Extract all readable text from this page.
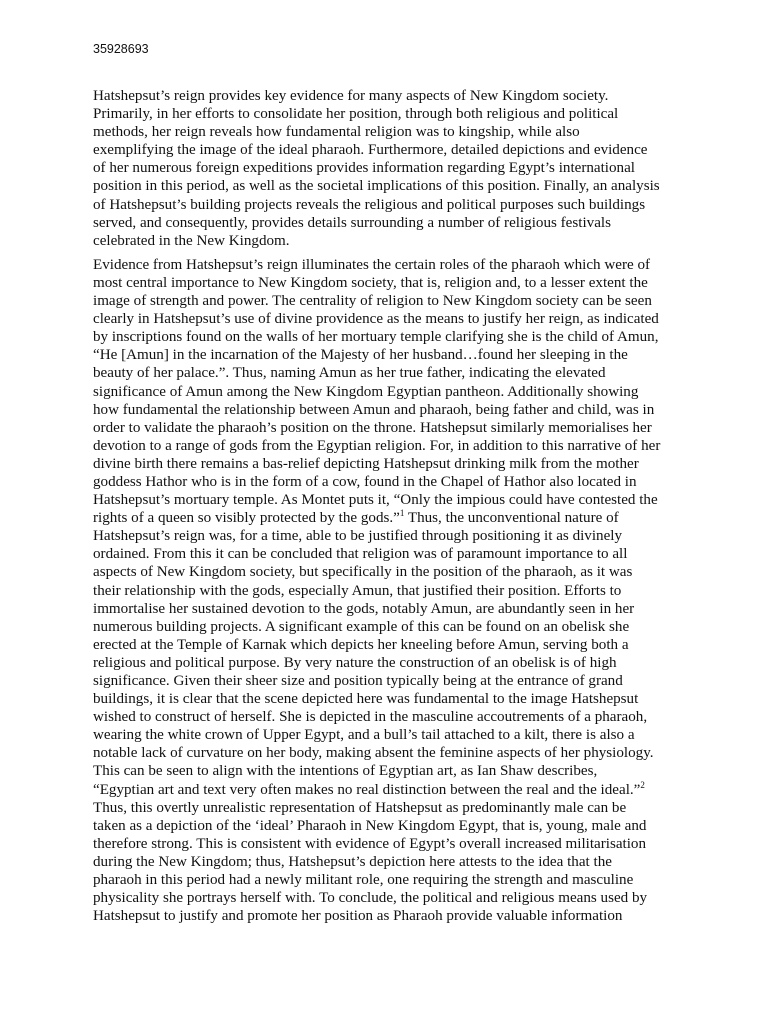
35928693

Hatshepsut’s reign provides key evidence for many aspects of New Kingdom society.
Primarily, in her efforts to consolidate her position, through both religious and political
methods, her reign reveals how fundamental religion was to kingship, while also
exemplifying the image of the ideal pharaoh. Furthermore, detailed depictions and evidence
of her numerous foreign expeditions provides information regarding Egypt’s international
position in this period, as well as the societal implications of this position. Finally, an analysis
of Hatshepsut’s building projects reveals the religious and political purposes such buildings
served, and consequently, provides details surrounding a number of religious festivals
celebrated in the New Kingdom.

Evidence from Hatshepsut’s reign illuminates the certain roles of the pharaoh which were of
most central importance to New Kingdom society, that is, religion and, to a lesser extent the
image of strength and power. The centrality of religion to New Kingdom society can be seen
clearly in Hatshepsut’s use of divine providence as the means to justify her reign, as indicated
by inscriptions found on the walls of her mortuary temple clarifying she is the child of Amun,
“He [Amun] in the incarnation of the Majesty of her husband…found her sleeping in the
beauty of her palace.”. Thus, naming Amun as her true father, indicating the elevated
significance of Amun among the New Kingdom Egyptian pantheon. Additionally showing
how fundamental the relationship between Amun and pharaoh, being father and child, was in
order to validate the pharaoh’s position on the throne. Hatshepsut similarly memorialises her
devotion to a range of gods from the Egyptian religion. For, in addition to this narrative of her
divine birth there remains a bas-relief depicting Hatshepsut drinking milk from the mother
goddess Hathor who is in the form of a cow, found in the Chapel of Hathor also located in
Hatshepsut’s mortuary temple. As Montet puts it, “Only the impious could have contested the
rights of a queen so visibly protected by the gods.”$^1$ Thus, the unconventional nature of
Hatshepsut’s reign was, for a time, able to be justified through positioning it as divinely
ordained. From this it can be concluded that religion was of paramount importance to all
aspects of New Kingdom society, but specifically in the position of the pharaoh, as it was
their relationship with the gods, especially Amun, that justified their position. Efforts to
immortalise her sustained devotion to the gods, notably Amun, are abundantly seen in her
numerous building projects. A significant example of this can be found on an obelisk she
erected at the Temple of Karnak which depicts her kneeling before Amun, serving both a
religious and political purpose. By very nature the construction of an obelisk is of high
significance. Given their sheer size and position typically being at the entrance of grand
buildings, it is clear that the scene depicted here was fundamental to the image Hatshepsut
wished to construct of herself. She is depicted in the masculine accoutrements of a pharaoh,
wearing the white crown of Upper Egypt, and a bull’s tail attached to a kilt, there is also a
notable lack of curvature on her body, making absent the feminine aspects of her physiology.
This can be seen to align with the intentions of Egyptian art, as Ian Shaw describes,
“Egyptian art and text very often makes no real distinction between the real and the ideal.”$^2$
Thus, this overtly unrealistic representation of Hatshepsut as predominantly male can be
taken as a depiction of the ‘ideal’ Pharaoh in New Kingdom Egypt, that is, young, male and
therefore strong. This is consistent with evidence of Egypt’s overall increased militarisation
during the New Kingdom; thus, Hatshepsut’s depiction here attests to the idea that the
pharaoh in this period had a newly militant role, one requiring the strength and masculine
physicality she portrays herself with. To conclude, the political and religious means used by
Hatshepsut to justify and promote her position as Pharaoh provide valuable information
